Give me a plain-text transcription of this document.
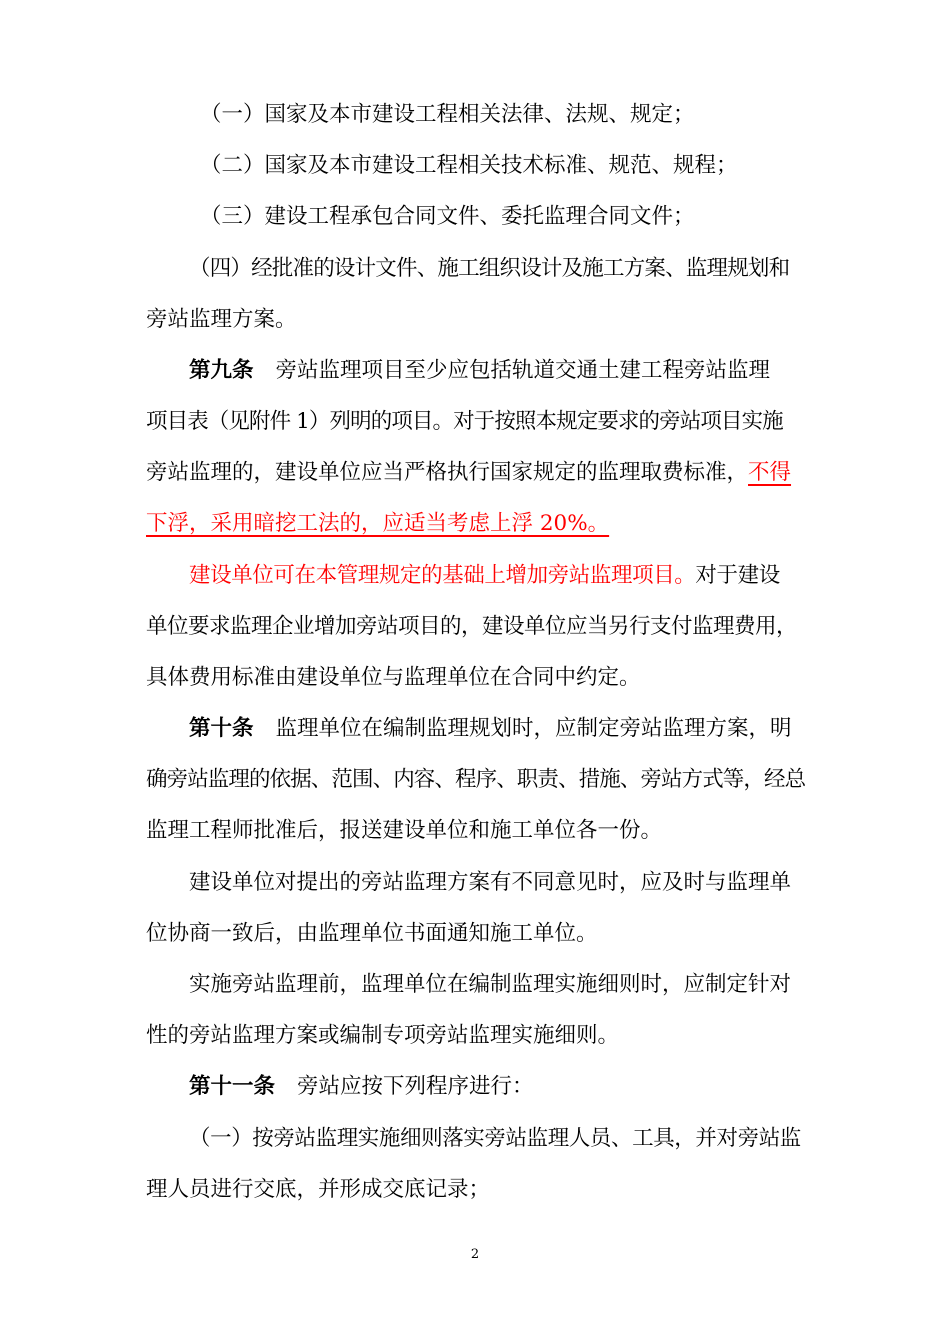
（一）国家及本市建设工程相关法律、法规、规定；
（二）国家及本市建设工程相关技术标准、规范、规程；
（三）建设工程承包合同文件、委托监理合同文件；
（四）经批准的设计文件、施工组织设计及施工方案、监理规划和
旁站监理方案。
第九条 旁站监理项目至少应包括轨道交通土建工程旁站监理
项目表（见附件 1）列明的项目。对于按照本规定要求的旁站项目实施
旁站监理的，建设单位应当严格执行国家规定的监理取费标准，不得
下浮，采用暗挖工法的，应适当考虑上浮 20%。
建设单位可在本管理规定的基础上增加旁站监理项目。对于建设
单位要求监理企业增加旁站项目的，建设单位应当另行支付监理费用，
具体费用标准由建设单位与监理单位在合同中约定。
第十条 监理单位在编制监理规划时，应制定旁站监理方案，明
确旁站监理的依据、范围、内容、程序、职责、措施、旁站方式等，经总
监理工程师批准后，报送建设单位和施工单位各一份。
建设单位对提出的旁站监理方案有不同意见时，应及时与监理单
位协商一致后，由监理单位书面通知施工单位。
实施旁站监理前，监理单位在编制监理实施细则时，应制定针对
性的旁站监理方案或编制专项旁站监理实施细则。
第十一条 旁站应按下列程序进行：
（一）按旁站监理实施细则落实旁站监理人员、工具，并对旁站监
理人员进行交底，并形成交底记录；
2
